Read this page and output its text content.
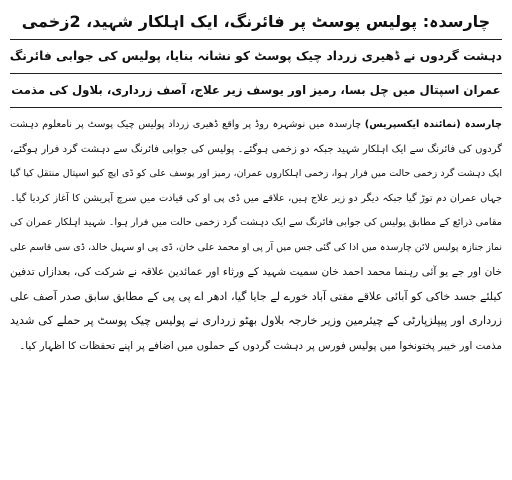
چارسدہ: پولیس پوسٹ پر فائرنگ، ایک اہلکار شہید، 2زخمی

دہشت گردوں نے ڈھیری زرداد چیک پوسٹ کو نشانہ بنایا، پولیس کی جوابی فائرنگ

عمران اسپتال میں چل بسا، رمیز اور یوسف زیر علاج، آصف زرداری، بلاول کی مذمت

چارسدہ (نمائندہ ایکسپریس) چارسدہ میں نوشہرہ روڈ پر واقع ڈھیری زرداد پولیس چیک پوسٹ پر نامعلوم دہشت
گردوں کی فائرنگ سے ایک اہلکار شہید جبکہ دو زخمی ہوگئے۔ پولیس کی جوابی فائرنگ سے دہشت گرد فرار ہوگئے،
ایک دہشت گرد زخمی حالت میں فرار ہوا، زخمی اہلکاروں عمران، رمیز اور یوسف علی کو ڈی ایچ کیو اسپتال منتقل کیا گیا
جہاں عمران دم توڑ گیا جبکہ دیگر دو زیر علاج ہیں، علاقے میں ڈی پی او کی قیادت میں سرچ آپریشن کا آغاز کردیا گیا۔
مقامی ذرائع کے مطابق پولیس کی جوابی فائرنگ سے ایک دہشت گرد زخمی حالت میں فرار ہوا۔ شہید اہلکار عمران کی
نماز جنازہ پولیس لائن چارسدہ میں ادا کی گئی جس میں آر پی او محمد علی خان، ڈی پی او سہیل خالد، ڈی سی قاسم علی
خان اور جے یو آئی رہنما محمد احمد خان سمیت شہید کے ورثاء اور عمائدین علاقہ نے شرکت کی، بعدازاں تدفین
کیلئے جسد خاکی کو آبائی علاقے مفتی آباد خورے لے جایا گیا، ادھر اے پی پی کے مطابق سابق صدر آصف علی
زرداری اور پیپلزپارٹی کے چیئرمین وزیر خارجہ بلاول بھٹو زرداری نے پولیس چیک پوسٹ پر حملے کی شدید
مذمت اور خیبر پختونخوا میں پولیس فورس پر دہشت گردوں کے حملوں میں اضافے پر اپنے تحفظات کا اظہار کیا۔
